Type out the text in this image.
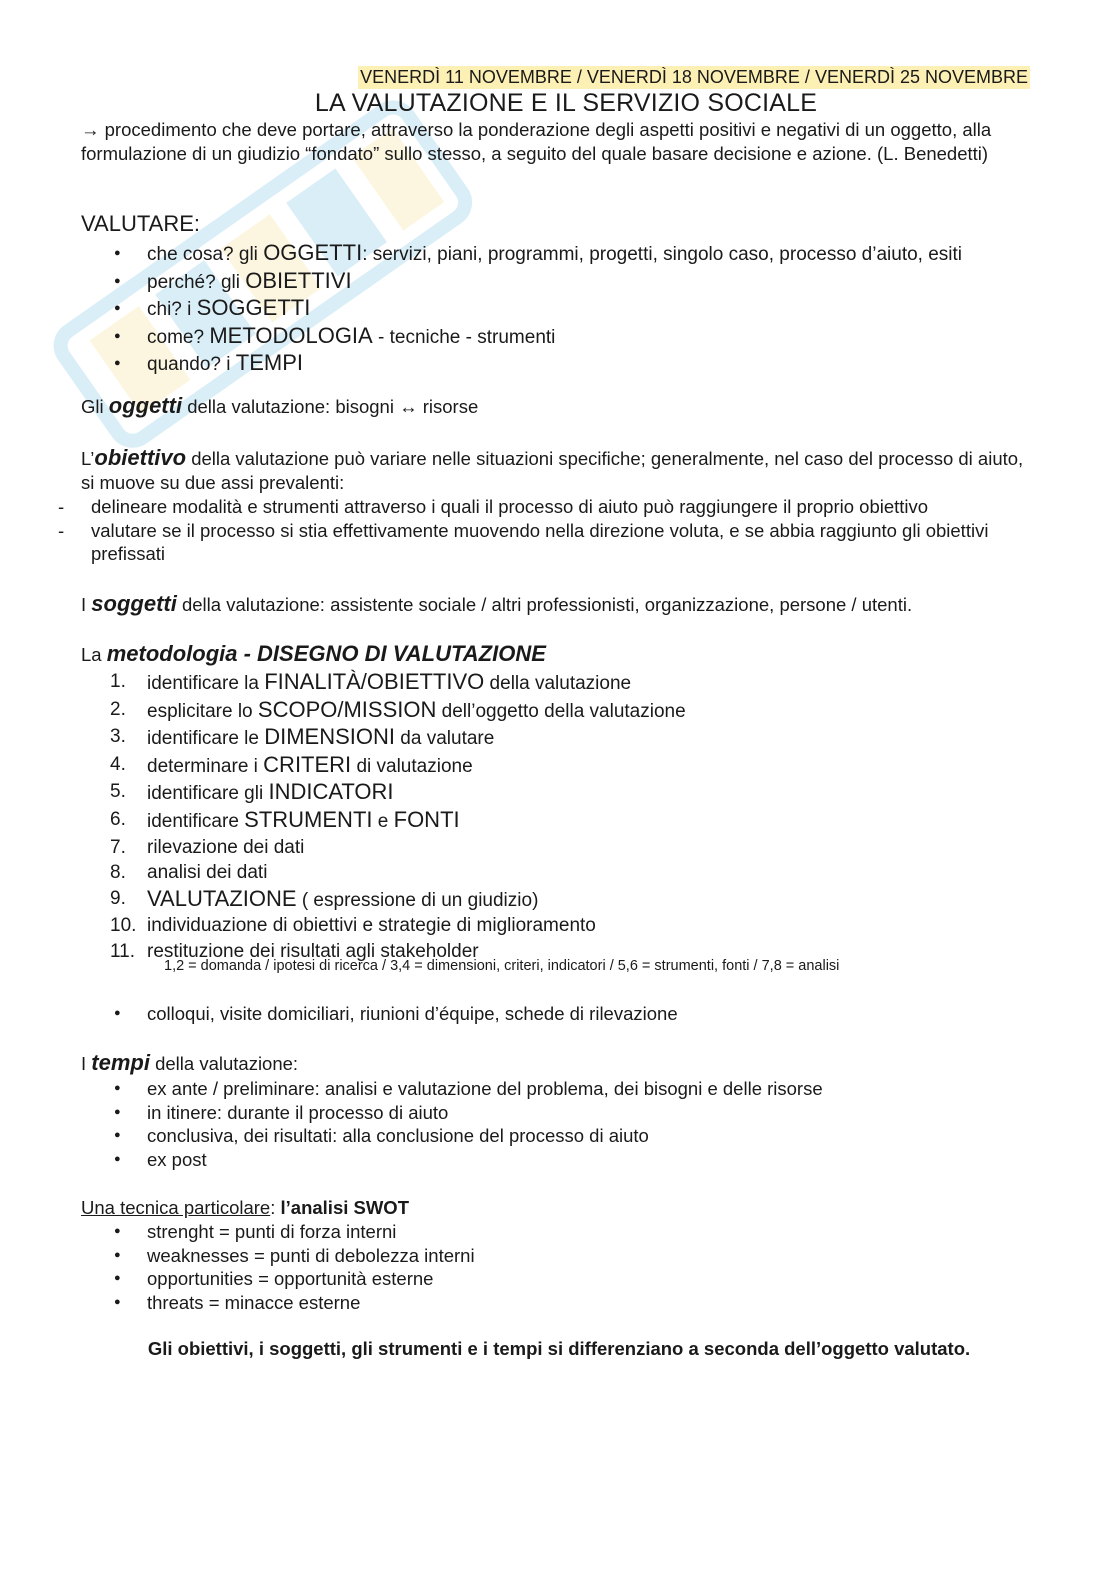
VENERDÌ 11 NOVEMBRE / VENERDÌ 18 NOVEMBRE / VENERDÌ 25 NOVEMBRE
LA VALUTAZIONE E IL SERVIZIO SOCIALE
→ procedimento che deve portare, attraverso la ponderazione degli aspetti positivi e negativi di un oggetto, alla formulazione di un giudizio “fondato” sullo stesso, a seguito del quale basare decisione e azione. (L. Benedetti)
VALUTARE:
● che cosa? gli OGGETTI: servizi, piani, programmi, progetti, singolo caso, processo d’aiuto, esiti
● perché? gli OBIETTIVI
● chi? i SOGGETTI
● come? METODOLOGIA - tecniche - strumenti
● quando? i TEMPI
Gli oggetti della valutazione: bisogni ↔ risorse
L’obiettivo della valutazione può variare nelle situazioni specifiche; generalmente, nel caso del processo di aiuto, si muove su due assi prevalenti:
- delineare modalità e strumenti attraverso i quali il processo di aiuto può raggiungere il proprio obiettivo
- valutare se il processo si stia effettivamente muovendo nella direzione voluta, e se abbia raggiunto gli obiettivi prefissati
I soggetti della valutazione: assistente sociale / altri professionisti, organizzazione, persone / utenti.
La metodologia - DISEGNO DI VALUTAZIONE
1. identificare la FINALITÀ/OBIETTIVO della valutazione
2. esplicitare lo SCOPO/MISSION dell’oggetto della valutazione
3. identificare le DIMENSIONI da valutare
4. determinare i CRITERI di valutazione
5. identificare gli INDICATORI
6. identificare STRUMENTI e FONTI
7. rilevazione dei dati
8. analisi dei dati
9. VALUTAZIONE ( espressione di un giudizio)
10. individuazione di obiettivi e strategie di miglioramento
11. restituzione dei risultati agli stakeholder
1,2 = domanda / ipotesi di ricerca / 3,4 = dimensioni, criteri, indicatori / 5,6 = strumenti, fonti / 7,8 = analisi
● colloqui, visite domiciliari, riunioni d’équipe, schede di rilevazione
I tempi della valutazione:
● ex ante / preliminare: analisi e valutazione del problema, dei bisogni e delle risorse
● in itinere: durante il processo di aiuto
● conclusiva, dei risultati: alla conclusione del processo di aiuto
● ex post
Una tecnica particolare: l’analisi SWOT
● strenght = punti di forza interni
● weaknesses = punti di debolezza interni
● opportunities = opportunità esterne
● threats = minacce esterne
Gli obiettivi, i soggetti, gli strumenti e i tempi si differenziano a seconda dell’oggetto valutato.
